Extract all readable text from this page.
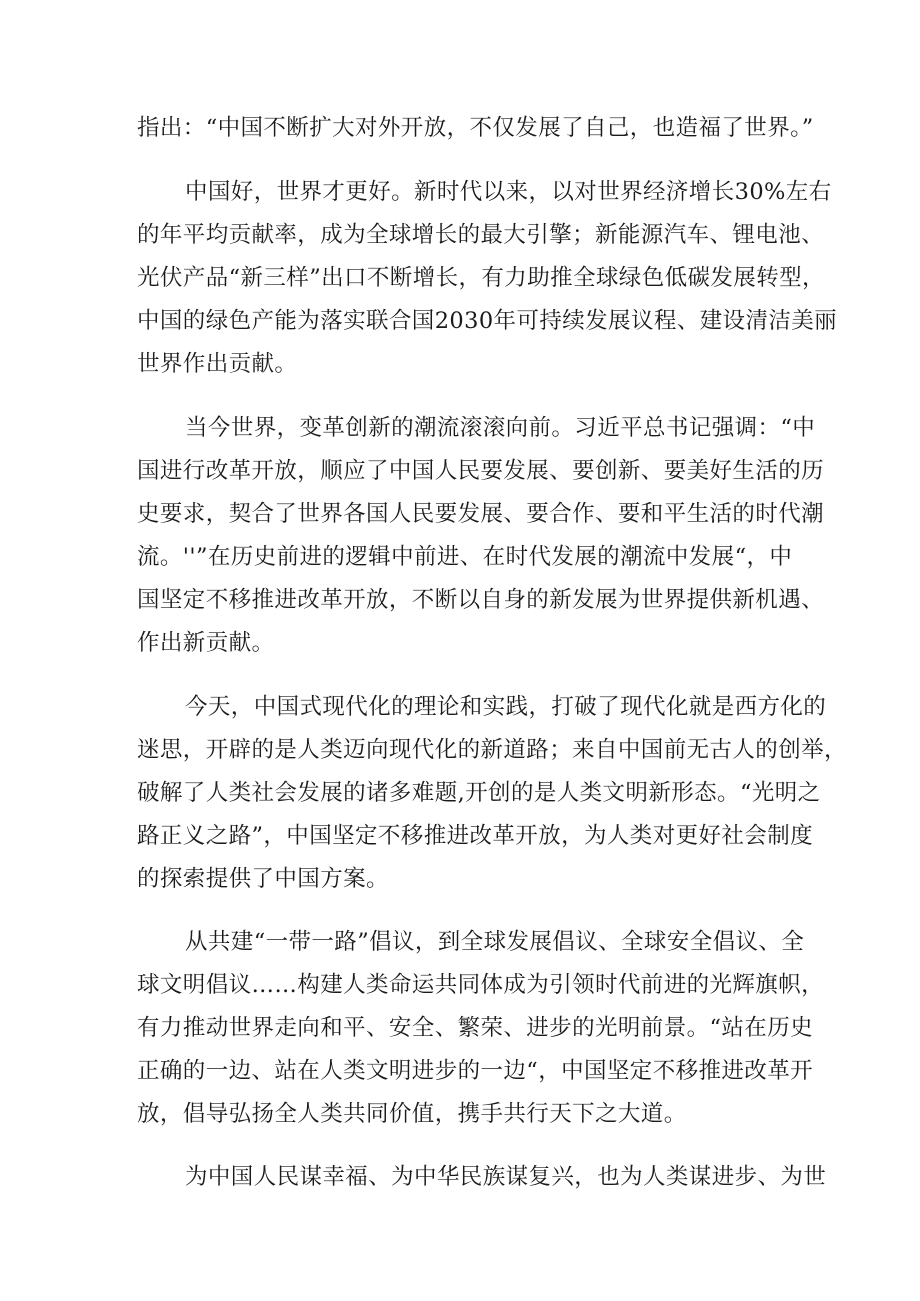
指出：“中国不断扩大对外开放，不仅发展了自己，也造福了世界。”

中国好，世界才更好。新时代以来，以对世界经济增长30%左右
的年平均贡献率，成为全球增长的最大引擎；新能源汽车、锂电池、
光伏产品“新三样”出口不断增长，有力助推全球绿色低碳发展转型，
中国的绿色产能为落实联合国2030年可持续发展议程、建设清洁美丽
世界作出贡献。

当今世界，变革创新的潮流滚滚向前。习近平总书记强调：“中
国进行改革开放，顺应了中国人民要发展、要创新、要美好生活的历
史要求，契合了世界各国人民要发展、要合作、要和平生活的时代潮
流。''”在历史前进的逻辑中前进、在时代发展的潮流中发展“，中
国坚定不移推进改革开放，不断以自身的新发展为世界提供新机遇、
作出新贡献。

今天，中国式现代化的理论和实践，打破了现代化就是西方化的
迷思，开辟的是人类迈向现代化的新道路；来自中国前无古人的创举，
破解了人类社会发展的诸多难题,开创的是人类文明新形态。“光明之
路正义之路”，中国坚定不移推进改革开放，为人类对更好社会制度
的探索提供了中国方案。

从共建“一带一路”倡议，到全球发展倡议、全球安全倡议、全
球文明倡议……构建人类命运共同体成为引领时代前进的光辉旗帜，
有力推动世界走向和平、安全、繁荣、进步的光明前景。“站在历史
正确的一边、站在人类文明进步的一边“，中国坚定不移推进改革开
放，倡导弘扬全人类共同价值，携手共行天下之大道。

为中国人民谋幸福、为中华民族谋复兴，也为人类谋进步、为世
